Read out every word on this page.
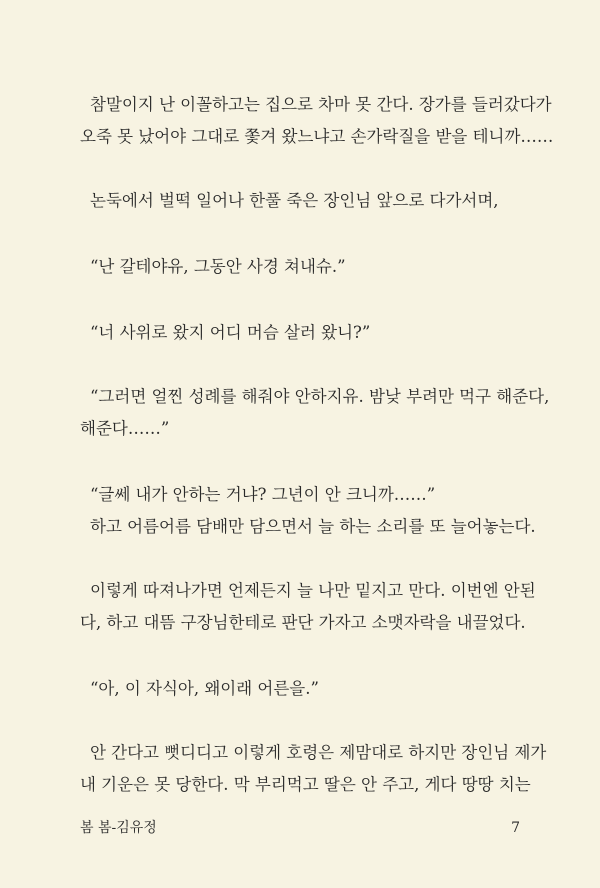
참말이지 난 이꼴하고는 집으로 차마 못 간다. 장가를 들러갔다가
오죽 못 났어야 그대로 쫓겨 왔느냐고 손가락질을 받을 테니까……
논둑에서 벌떡 일어나 한풀 죽은 장인님 앞으로 다가서며,
“난 갈테야유, 그동안 사경 쳐내슈.”
“너 사위로 왔지 어디 머슴 살러 왔니?”
“그러면 얼찐 성례를 해줘야 안하지유. 밤낮 부려만 먹구 해준다,
해준다……”
“글쎄 내가 안하는 거냐? 그년이 안 크니까……”
하고 어름어름 담배만 담으면서 늘 하는 소리를 또 늘어놓는다.
이렇게 따져나가면 언제든지 늘 나만 밑지고 만다. 이번엔 안된
다, 하고 대뜸 구장님한테로 판단 가자고 소맷자락을 내끌었다.
“아, 이 자식아, 왜이래 어른을.”
안 간다고 뻣디디고 이렇게 호령은 제맘대로 하지만 장인님 제가
내 기운은 못 당한다. 막 부리먹고 딸은 안 주고, 게다 땅땅 치는
봄 봄-김유정	7
